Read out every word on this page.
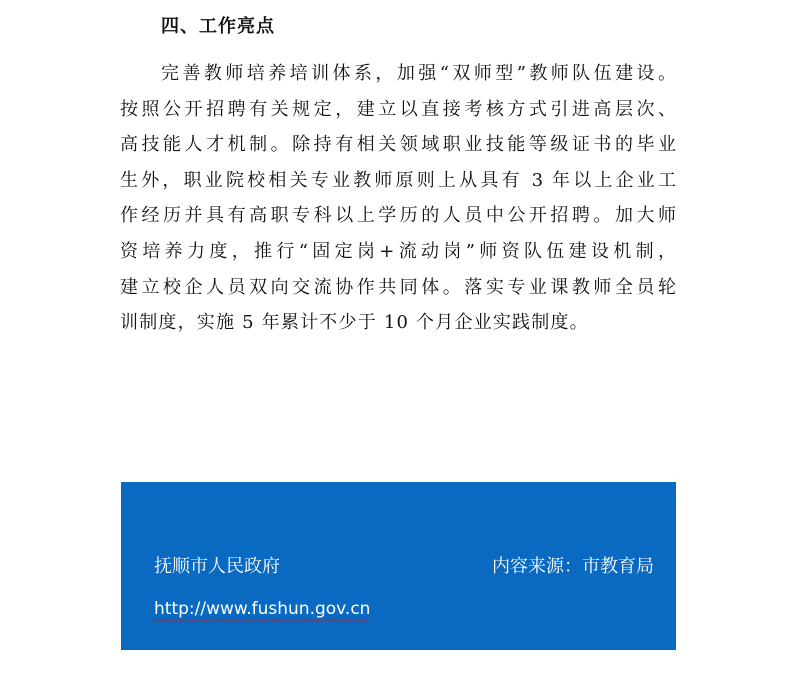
四、工作亮点
完善教师培养培训体系，加强“双师型”教师队伍建设。
按照公开招聘有关规定，建立以直接考核方式引进高层次、
高技能人才机制。除持有相关领域职业技能等级证书的毕业
生外，职业院校相关专业教师原则上从具有 3 年以上企业工
作经历并具有高职专科以上学历的人员中公开招聘。加大师
资培养力度，推行“固定岗+流动岗”师资队伍建设机制，
建立校企人员双向交流协作共同体。落实专业课教师全员轮
训制度，实施 5 年累计不少于 10 个月企业实践制度。
抚顺市人民政府	内容来源：市教育局
http://www.fushun.gov.cn
